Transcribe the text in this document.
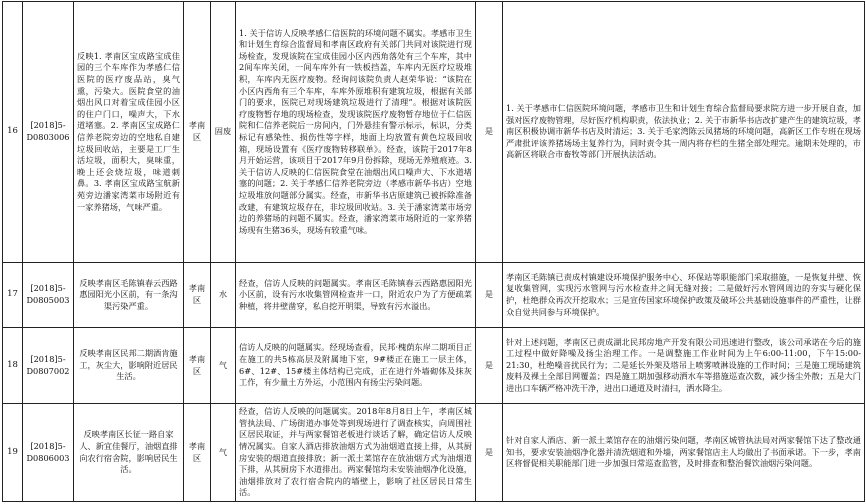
16	[2018]5-D0803006	反映1. 孝南区宝成路宝成佳园的三个车库作为孝感仁信医院的医疗废品站，臭气熏，污染大。医院食堂的油烟出风口对着宝成佳园小区的住户门口，噪声大，下水道堵塞。2. 孝南区宝成路仁信养老院旁边的空地私自建垃圾回收站，主要是工厂生活垃圾，面积大，臭味重，晚上还会烧垃圾，味道刺鼻。3. 孝南区宝成路宝航新苑旁边潘家湾菜市场附近有一家养猪场，气味严重。	孝南区	固废	1. 关于信访人反映孝感仁信医院的环境问题不属实。孝感市卫生和计划生育综合监督局和孝南区政府有关部门共同对该院进行现场检查，发现该院在宝成佳园小区内西角落处有三个车库，其中2间车库关闭，一间车库外有一铁板挡盖，车库内无医疗垃圾堆积，车库内无医疗废物。经询问该院负责人赵荣华说：“该院在小区内西角有三个车库，车库外原堆积有建筑垃圾，根据有关部门的要求，医院已对现场建筑垃圾进行了清理”。根据对该院医疗废物暂存地的现场检查，发现该院医疗废物暂存地位于仁信医院和仁信养老院后一房间内，门外悬挂有警示标示，标识，分类标记有感染性、损伤性等字样，地面上均放置有黄色垃圾回收箱，现场设置有《医疗废物转移联单》。经查，该院于2017年8月开始运营，该项目于2017年9月份拆除，现场无养殖痕迹。3. 关于信访人反映的仁信医院食堂在油烟出风口噪声大、下水道堵塞的问题；2. 关于孝感仁信养老院旁边（孝感市新华书店）空地垃圾堆放问题部分属实。经查，市新华书店原建筑已被拆除准备改建，有建筑垃圾存在，非垃圾回收站。3. 关于潘家湾菜市场旁边的养猪场的问题不属实。经查，潘家湾菜市场附近的一家养猪场现有生猪36头，现场有较重气味。	是	1. 关于孝感市仁信医院环境问题，孝感市卫生和计划生育综合监督局要求院方进一步开展自查，加强对医疗废物管理，尽好医疗机构职责，依法执业；2. 关于市新华书店改扩建产生的建筑垃圾，孝南区积极协调市新华书店及时清运；3. 关于毛家湾陈云凤猪场的环境问题，高新区工作专班在现场严肃批评该养猪场场主复养行为，同时责令其一周内将存栏的生猪全部处理完。逾期未处理的，市高新区将联合市畜牧等部门开展执法活动。
17	[2018]5-D0805003	反映孝南区毛陈镇春云西路惠园阳光小区前，有一条沟渠污染严重。	孝南区	水	经查，信访人反映的问题属实。孝南区毛陈镇春云西路惠园阳光小区前，设有污水收集管网检查井一口，附近农户为了方便疏菜种植，将井壁凿穿，私自挖开明渠，导致有污水溢出。	是	孝南区毛陈镇已责成村镇建设环境保护服务中心、环保站等职能部门采取措施，一是恢复井壁、恢复收集管网，实现污水管网与污水检查井之间无缝对接；二是做好污水管网周边的夯实与硬化保护，杜绝群众再次开挖取水；三是宣传国家环境保护政策及破坏公共基础设施事件的严重性，让群众自觉共同参与环境保护。
18	[2018]5-D0807002	反映孝南区民邦二期酒肯施工，灰尘大，影响附近居民生活。	孝南区	气	信访人反映的问题属实。经现场查看，民邦·槐荫东岸二期项目正在施工的共5栋高层及附属地下室，9#楼正在施工一层主体，6#、12#、15#楼主体结构已完成，正在进行外墙砌体及抹灰工作，有少量土方外运，小范围内有扬尘污染问题。	是	针对上述问题，孝南区已责成湖北民邦房地产开发有限公司迅速进行整改，该公司承诺在今后的施工过程中做好降噪及扬尘治理工作。一是调整施工作业时间为上午6:00-11:00，下午15:00-21:30，杜绝噪音扰民行为；二是延长外架及塔吊上喷雾喷淋设施的工作时间；三是施工现场建筑废料及裸土全部目网覆盖；四是施工期加强移动洒水车等措施巡查次数，减少扬尘外散；五是大门进出口车辆严格冲洗干净，进出口通道及时清扫，洒水降尘。
19	[2018]5-D0806003	反映孝南区长征一路自家人、新宜佳餐厅，油烟直排向农行宿舍院，影响居民生活。	孝南区	气	经查，信访人反映的问题属实。2018年8月8日上午，孝南区城管执法局、广场街道办事处等到现场进行了调查核实，向周围社区居民取证，并与两家餐馆老板进行谈话了解，确定信访人反映情况属实。自家人酒店排放油烟方式为油烟道直接上排，从其厨房安装的烟道直接排放；新一派土菜馆存在放油烟方式为油烟道下排，从其厨房下水道排出。两家餐馆均未安装油烟净化设施，油烟排放对了农行宿舍院内的墙壁上，影响了社区居民日常生活。	是	针对自家人酒店、新一派土菜馆存在的油烟污染问题，孝南区城管执法局对两家餐馆下达了整改通知书，要求安装油烟净化器并清洗烟道和外墙，两家餐馆店主人均做出了书面承诺。下一步，孝南区将督促相关职能部门进一步加强日常巡查监管，及时排查和整治餐饮油烟污染问题。
